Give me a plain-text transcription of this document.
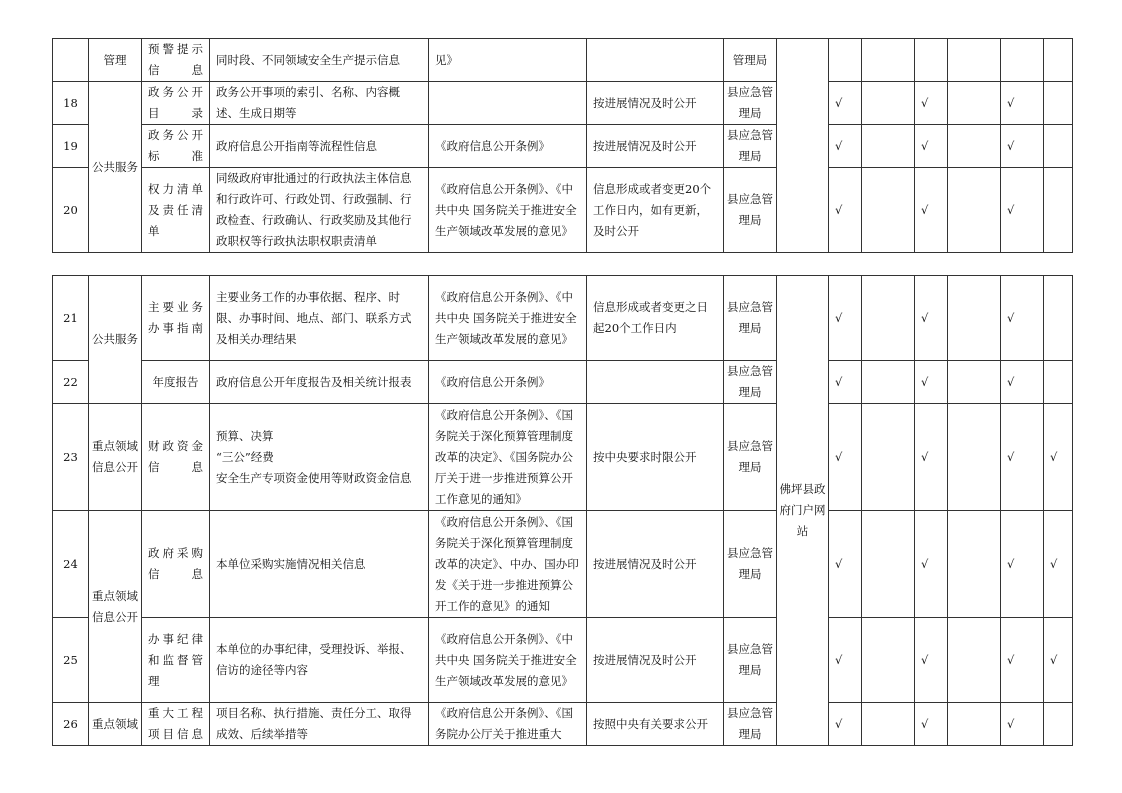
	管理	预警提示信息	同时段、不同领域安全生产提示信息	见》		管理局							
18	公共服务	政务公开目录	政务公开事项的索引、名称、内容概述、生成日期等		按进展情况及时公开	县应急管理局		√		√		√	
19		政务公开标准	政府信息公开指南等流程性信息	《政府信息公开条例》	按进展情况及时公开	县应急管理局		√		√		√	
20		权力清单及责任清单	同级政府审批通过的行政执法主体信息和行政许可、行政处罚、行政强制、行政检查、行政确认、行政奖励及其他行政职权等行政执法职权职责清单	《政府信息公开条例》、《中共中央 国务院关于推进安全生产领域改革发展的意见》	信息形成或者变更20个工作日内，如有更新，及时公开	县应急管理局		√		√		√	
21	公共服务	主要业务办事指南	主要业务工作的办事依据、程序、时限、办事时间、地点、部门、联系方式及相关办理结果	《政府信息公开条例》、《中共中央 国务院关于推进安全生产领域改革发展的意见》	信息形成或者变更之日起20个工作日内	县应急管理局	佛坪县政府门户网站	√		√		√	
22		年度报告	政府信息公开年度报告及相关统计报表	《政府信息公开条例》		县应急管理局		√		√		√	
23	重点领域信息公开	财政资金信息	预算、决算
“三公”经费
安全生产专项资金使用等财政资金信息	《政府信息公开条例》、《国务院关于深化预算管理制度改革的决定》、《国务院办公厅关于进一步推进预算公开工作意见的通知》	按中央要求时限公开	县应急管理局		√		√		√	√
24	重点领域信息公开	政府采购信息	本单位采购实施情况相关信息	《政府信息公开条例》、《国务院关于深化预算管理制度改革的决定》、中办、国办印发《关于进一步推进预算公开工作的意见》的通知	按进展情况及时公开	县应急管理局		√		√		√	√
25		办事纪律和监督管理	本单位的办事纪律，受理投诉、举报、信访的途径等内容	《政府信息公开条例》、《中共中央 国务院关于推进安全生产领域改革发展的意见》	按进展情况及时公开	县应急管理局		√		√		√	√
26	重点领域	重大工程项目信息	项目名称、执行措施、责任分工、取得成效、后续举措等	《政府信息公开条例》、《国务院办公厅关于推进重大	按照中央有关要求公开	县应急管理局		√		√		√	
